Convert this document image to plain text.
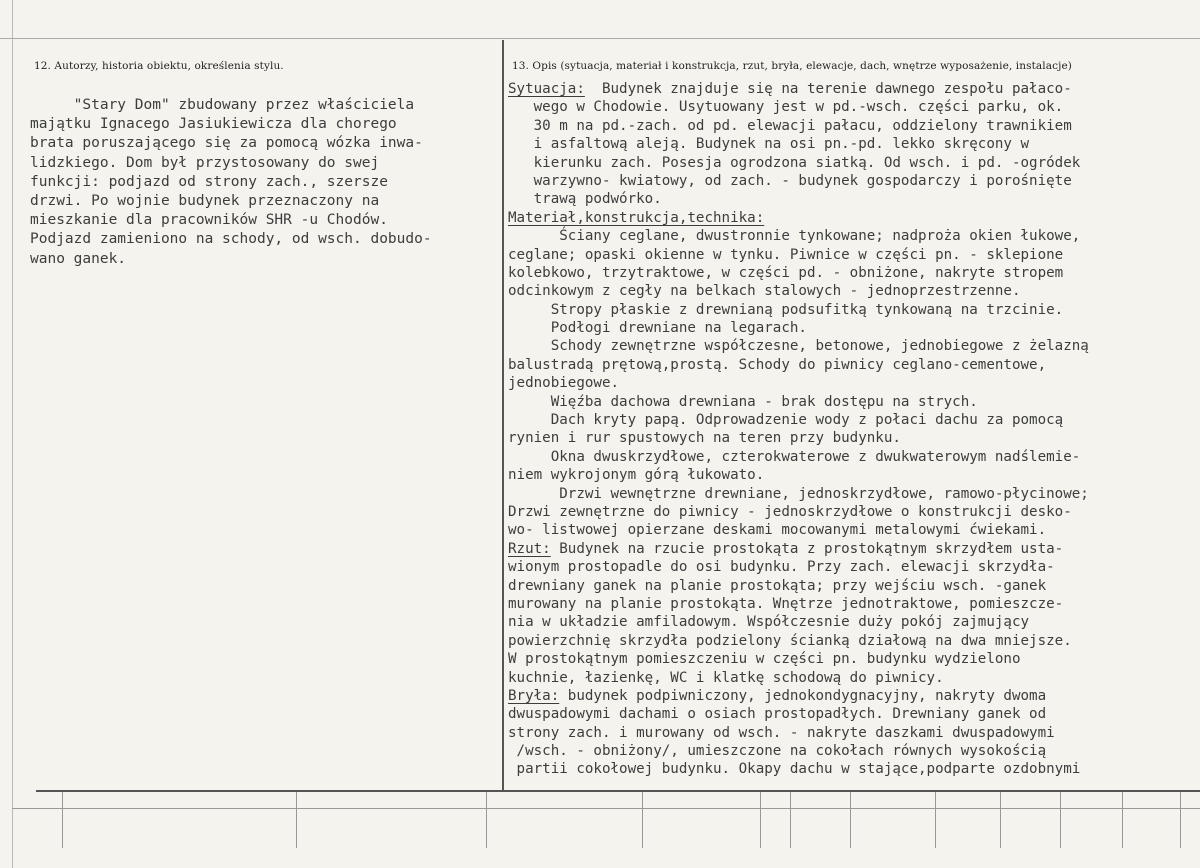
12. Autorzy, historia obiektu, określenia stylu.	13. Opis (sytuacja, materiał i konstrukcja, rzut, bryła, elewacje, dach, wnętrze wyposażenie, instalacje)

"Stary Dom" zbudowany przez właściciela

majątku Ignacego Jasiukiewicza dla chorego

brata poruszającego się za pomocą wózka inwa-

lidzkiego. Dom był przystosowany do swej

funkcji: podjazd od strony zach., szersze

drzwi. Po wojnie budynek przeznaczony na

mieszkanie dla pracowników SHR -u Chodów.

Podjazd zamieniono na schody, od wsch. dobudo-

wano ganek.

Sytuacja:  Budynek znajduje się na terenie dawnego zespołu pałaco-
wego w Chodowie. Usytuowany jest w pd.-wsch. części parku, ok.
30 m na pd.-zach. od pd. elewacji pałacu, oddzielony trawnikiem
i asfaltową aleją. Budynek na osi pn.-pd. lekko skręcony w
kierunku zach. Posesja ogrodzona siatką. Od wsch. i pd. -ogródek
warzywno- kwiatowy, od zach. - budynek gospodarczy i porośnięte
trawą podwórko.
Materiał,konstrukcja,technika:
Ściany ceglane, dwustronnie tynkowane; nadproża okien łukowe,
ceglane; opaski okienne w tynku. Piwnice w części pn. - sklepione
kolebkowo, trzytraktowe, w części pd. - obniżone, nakryte stropem
odcinkowym z cegły na belkach stalowych - jednoprzestrzenne.
Stropy płaskie z drewnianą podsufitką tynkowaną na trzcinie.
Podłogi drewniane na legarach.
Schody zewnętrzne współczesne, betonowe, jednobiegowe z żelazną
balustradą prętową,prostą. Schody do piwnicy ceglano-cementowe,
jednobiegowe.
Więźba dachowa drewniana - brak dostępu na strych.
Dach kryty papą. Odprowadzenie wody z połaci dachu za pomocą
rynien i rur spustowych na teren przy budynku.
Okna dwuskrzydłowe, czterokwaterowe z dwukwaterowym nadślemie-
niem wykrojonym górą łukowato.
Drzwi wewnętrzne drewniane, jednoskrzydłowe, ramowo-płycinowe;
Drzwi zewnętrzne do piwnicy - jednoskrzydłowe o konstrukcji desko-
wo- listwowej opierzane deskami mocowanymi metalowymi ćwiekami.
Rzut: Budynek na rzucie prostokąta z prostokątnym skrzydłem usta-
wionym prostopadle do osi budynku. Przy zach. elewacji skrzydła-
drewniany ganek na planie prostokąta; przy wejściu wsch. -ganek
murowany na planie prostokąta. Wnętrze jednotraktowe, pomieszcze-
nia w układzie amfiladowym. Współczesnie duży pokój zajmujący
powierzchnię skrzydła podzielony ścianką działową na dwa mniejsze.
W prostokątnym pomieszczeniu w części pn. budynku wydzielono
kuchnie, łazienkę, WC i klatkę schodową do piwnicy.
Bryła: budynek podpiwniczony, jednokondygnacyjny, nakryty dwoma
dwuspadowymi dachami o osiach prostopadłych. Drewniany ganek od
strony zach. i murowany od wsch. - nakryte daszkami dwuspadowymi
/wsch. - obniżony/, umieszczone na cokołach równych wysokością
partii cokołowej budynku. Okapy dachu w stające,podparte ozdobnymi
